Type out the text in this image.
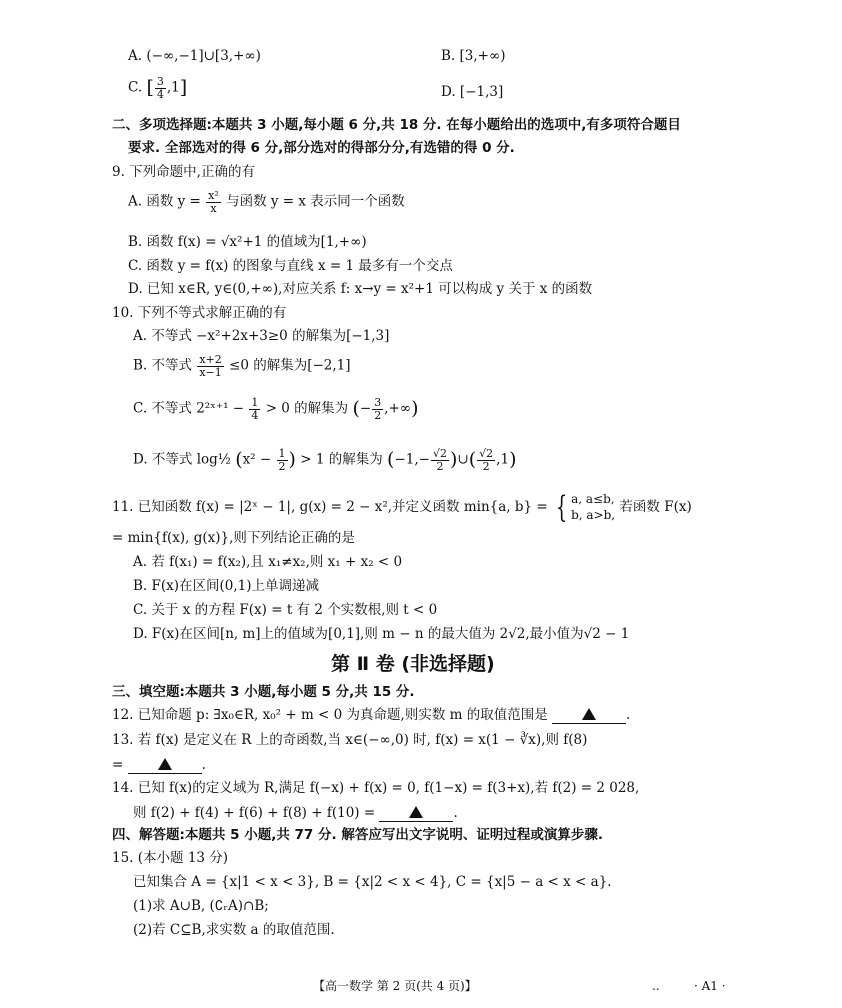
A. (−∞,−1]∪[3,+∞)	B. [3,+∞)
C. [ $\frac{3}{4} ,1$]	D. [−1,3]
二、多项选择题:本题共 3 小题,每小题 6 分,共 18 分. 在每小题给出的选项中,有多项符合题目
要求. 全部选对的得 6 分,部分选对的得部分分,有选错的得 0 分.
9. 下列命题中,正确的有
A. 函数 $y = \frac{\text{x²}}{x}$ 与函数 y = x 表示同一个函数
B. 函数 f(x) = √x²+1 的值域为[1,+∞)
C. 函数 y = f(x) 的图象与直线 x = 1 最多有一个交点
D. 已知 x∈R, y∈(0,+∞),对应关系 f: x→y = x²+1 可以构成 y 关于 x 的函数
10. 下列不等式求解正确的有
A. 不等式 −x²+2x+3≥0 的解集为[−1,3]
B. 不等式 $\frac{x+2}{x-1} \le 0$ 的解集为[−2,1]
C. 不等式 2²ˣ⁺¹ − $\frac{1}{4} > 0$ 的解集为 (− $\frac{3}{2}$ ,+∞)
D. 不等式 log½ ($x^2 - \frac{1}{2}$ ) > 1 的解集为 ($-1,- \frac{√2}{2}$ )∪( $\frac{√2}{2} ,1$)
11. 已知函数 f(x) = |2ˣ − 1|, g(x) = 2 − x²,并定义函数 min{a, b} = { a, a≤b,
b, a>b, 若函数 F(x)
= min{f(x), g(x)},则下列结论正确的是
A. 若 f(x₁) = f(x₂),且 x₁≠x₂,则 x₁ + x₂ < 0
B. F(x)在区间(0,1)上单调递减
C. 关于 x 的方程 F(x) = t 有 2 个实数根,则 t < 0
D. F(x)在区间[n, m]上的值域为[0,1],则 m − n 的最大值为 2√2,最小值为√2 − 1
第 Ⅱ 卷 (非选择题)
三、填空题:本题共 3 小题,每小题 5 分,共 15 分.
12. 已知命题 p: ∃x₀∈R, x₀² + m < 0 为真命题,则实数 m 的取值范围是	.
13. 若 f(x) 是定义在 R 上的奇函数,当 x∈(−∞,0) 时, f(x) = x(1 − ∛x),则 f(8)
=	.
14. 已知 f(x)的定义域为 R,满足 f(−x) + f(x) = 0, f(1−x) = f(3+x),若 f(2) = 2 028,
则 f(2) + f(4) + f(6) + f(8) + f(10) =	.
四、解答题:本题共 5 小题,共 77 分. 解答应写出文字说明、证明过程或演算步骤.
15. (本小题 13 分)
已知集合 A = {x|1 < x < 3}, B = {x|2 < x < 4}, C = {x|5 − a < x < a}.
(1)求 A∪B, (∁ᵣA)∩B;
(2)若 C⊆B,求实数 a 的取值范围.
【高一数学 第 2 页(共 4 页)】	..	· A1 ·
